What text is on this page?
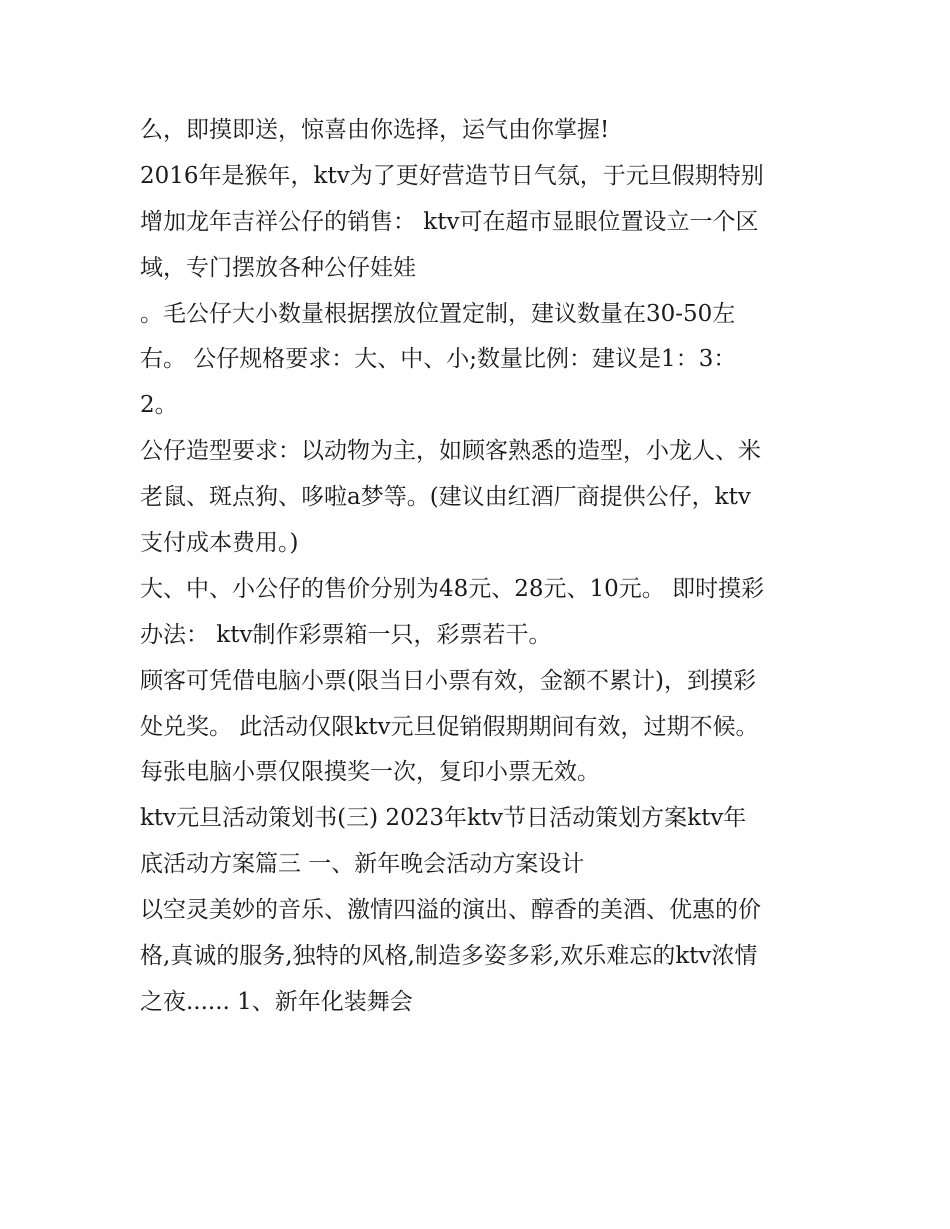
么，即摸即送，惊喜由你选择，运气由你掌握!
2016年是猴年，ktv为了更好营造节日气氛，于元旦假期特别
增加龙年吉祥公仔的销售： ktv可在超市显眼位置设立一个区
域，专门摆放各种公仔娃娃
。毛公仔大小数量根据摆放位置定制，建议数量在30-50左
右。 公仔规格要求：大、中、小;数量比例：建议是1：3：
2。
公仔造型要求：以动物为主，如顾客熟悉的造型，小龙人、米
老鼠、斑点狗、哆啦a梦等。(建议由红酒厂商提供公仔，ktv
支付成本费用。)
大、中、小公仔的售价分别为48元、28元、10元。 即时摸彩
办法： ktv制作彩票箱一只，彩票若干。
顾客可凭借电脑小票(限当日小票有效，金额不累计)，到摸彩
处兑奖。 此活动仅限ktv元旦促销假期期间有效，过期不候。
每张电脑小票仅限摸奖一次，复印小票无效。
ktv元旦活动策划书(三) 2023年ktv节日活动策划方案ktv年
底活动方案篇三 一、新年晚会活动方案设计
以空灵美妙的音乐、激情四溢的演出、醇香的美酒、优惠的价
格,真诚的服务,独特的风格,制造多姿多彩,欢乐难忘的ktv浓情
之夜...... 1、新年化装舞会
